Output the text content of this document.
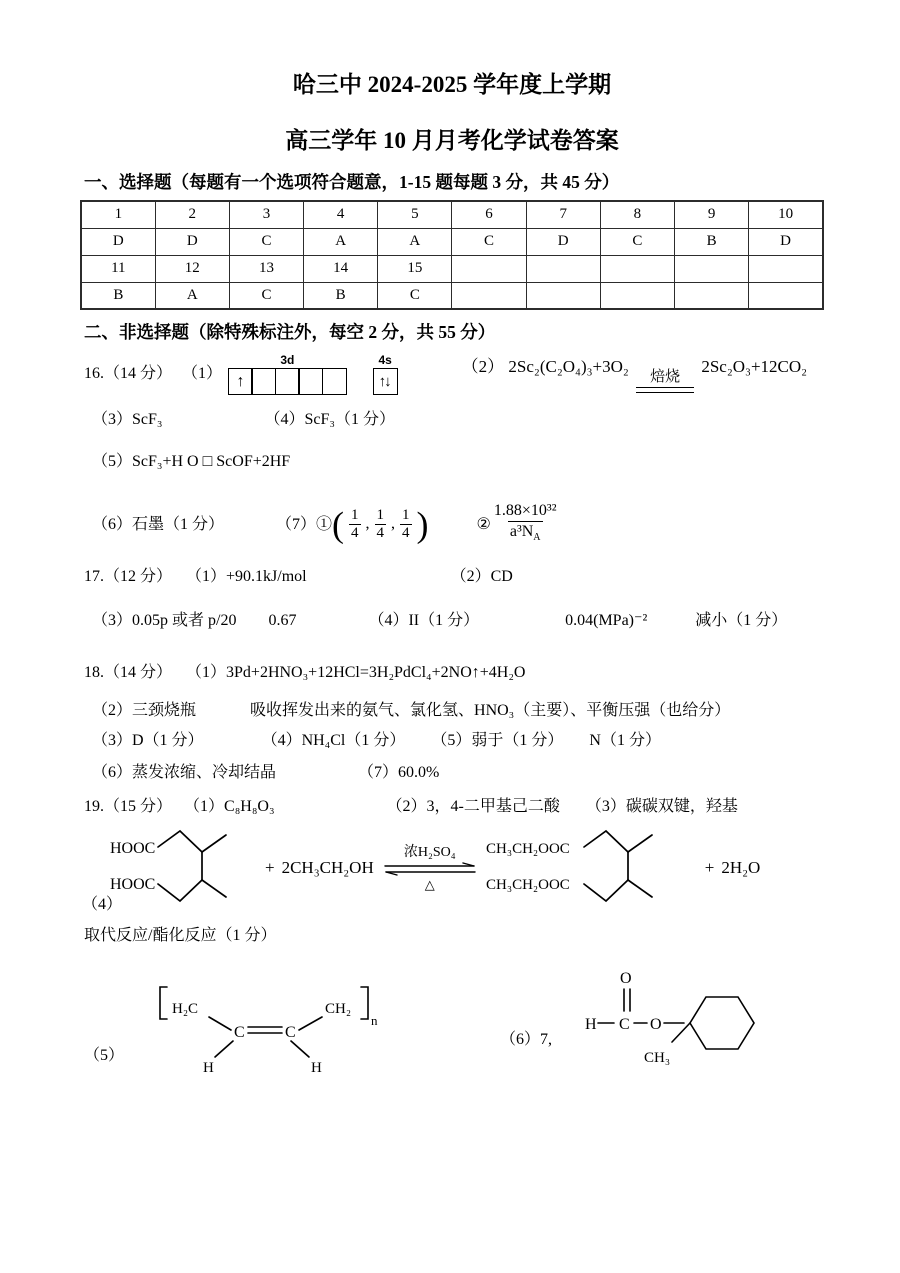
哈三中 2024-2025 学年度上学期
高三学年 10 月月考化学试卷答案
一、选择题（每题有一个选项符合题意，1-15 题每题 3 分，共 45 分）
1	2	3	4	5	6	7	8	9	10
D	D	C	A	A	C	D	C	B	D
11	12	13	14	15					
B	A	C	B	C					
二、非选择题（除特殊标注外，每空 2 分，共 55 分）
16.（14 分） （1）
3d
↑
4s
↑↓
（2） 2Sc₂(C₂O₄)₃+3O₂
焙烧
2Sc₂O₃+12CO₂
（3）ScF₃	（4）ScF₃（1 分）
（5）ScF₃+H O □ ScOF+2HF
（6）石墨（1 分）	（7）① ( $\frac{1}{4}$ , $\frac{1}{4}$ , $\frac{1}{4}$ )	② $\frac{\text{1.88×10³²}}{a^3N_A}$
17.（12 分） （1）+90.1kJ/mol	（2）CD
（3）0.05p 或者 p/20 0.67	（4）II（1 分）	0.04(MPa)⁻²	减小（1 分）
18.（14 分） （1）3Pd+2HNO₃+12HCl=3H₂PdCl₄+2NO↑+4H₂O
（2）三颈烧瓶	吸收挥发出来的氨气、氯化氢、HNO₃（主要）、平衡压强（也给分）
（3）D（1 分）	（4）NH₄Cl（1 分） （5）弱于（1 分） N（1 分）
（6）蒸发浓缩、冷却结晶	（7）60.0%
19.（15 分） （1）C₈H₈O₃	（2）3，4-二甲基己二酸 （3）碳碳双键，羟基
（4）
HOOC
HOOC
+ 2CH₃CH₂OH
浓H₂SO₄
△
CH₃CH₂OOC
CH₃CH₂OOC
+ 2H₂O
取代反应/酯化反应（1 分）
（5）
H₂C
C	C
CH₂
n
H	H
（6）7,
O
H C O
CH₃
